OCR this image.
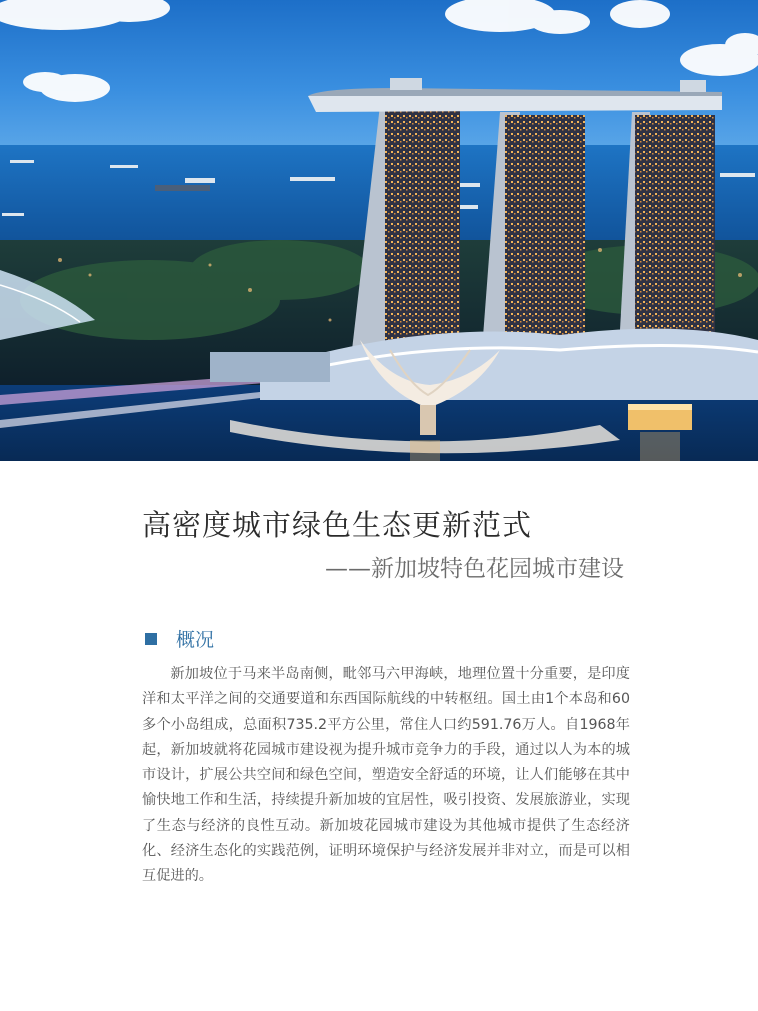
高密度城市绿色生态更新范式
——新加坡特色花园城市建设
概况

新加坡位于马来半岛南侧，毗邻马六甲海峡，地理位置十分重要，是印度洋和太平洋之间的交通要道和东西国际航线的中转枢纽。国土由1个本岛和60多个小岛组成，总面积735.2平方公里，常住人口约591.76万人。自1968年起，新加坡就将花园城市建设视为提升城市竞争力的手段，通过以人为本的城市设计，扩展公共空间和绿色空间，塑造安全舒适的环境，让人们能够在其中愉快地工作和生活，持续提升新加坡的宜居性，吸引投资、发展旅游业，实现了生态与经济的良性互动。新加坡花园城市建设为其他城市提供了生态经济化、经济生态化的实践范例，证明环境保护与经济发展并非对立，而是可以相互促进的。
